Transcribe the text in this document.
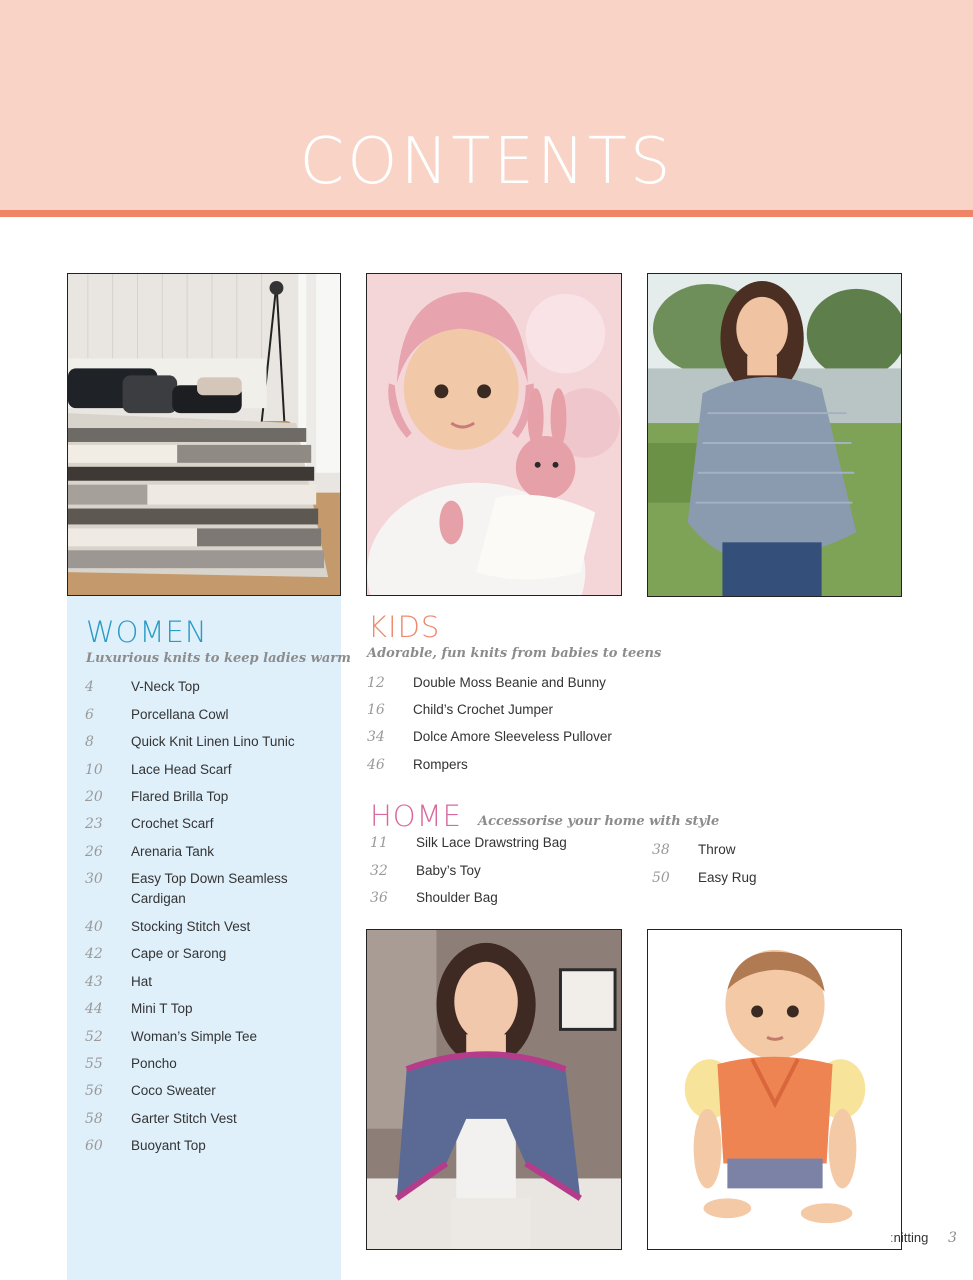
CONTENTS
WOMEN
Luxurious knits to keep ladies warm
4	V-Neck Top
6	Porcellana Cowl
8	Quick Knit Linen Lino Tunic
10	Lace Head Scarf
20	Flared Brilla Top
23	Crochet Scarf
26	Arenaria Tank
30	Easy Top Down Seamless
Cardigan
40	Stocking Stitch Vest
42	Cape or Sarong
43	Hat
44	Mini T Top
52	Woman’s Simple Tee
55	Poncho
56	Coco Sweater
58	Garter Stitch Vest
60	Buoyant Top
KIDS
Adorable, fun knits from babies to teens
12	Double Moss Beanie and Bunny
16	Child’s Crochet Jumper
34	Dolce Amore Sleeveless Pullover
46	Rompers
HOME Accessorise your home with style
11	Silk Lace Drawstring Bag
32	Baby’s Toy
36	Shoulder Bag
38	Throw
50	Easy Rug
ːnitting 3
